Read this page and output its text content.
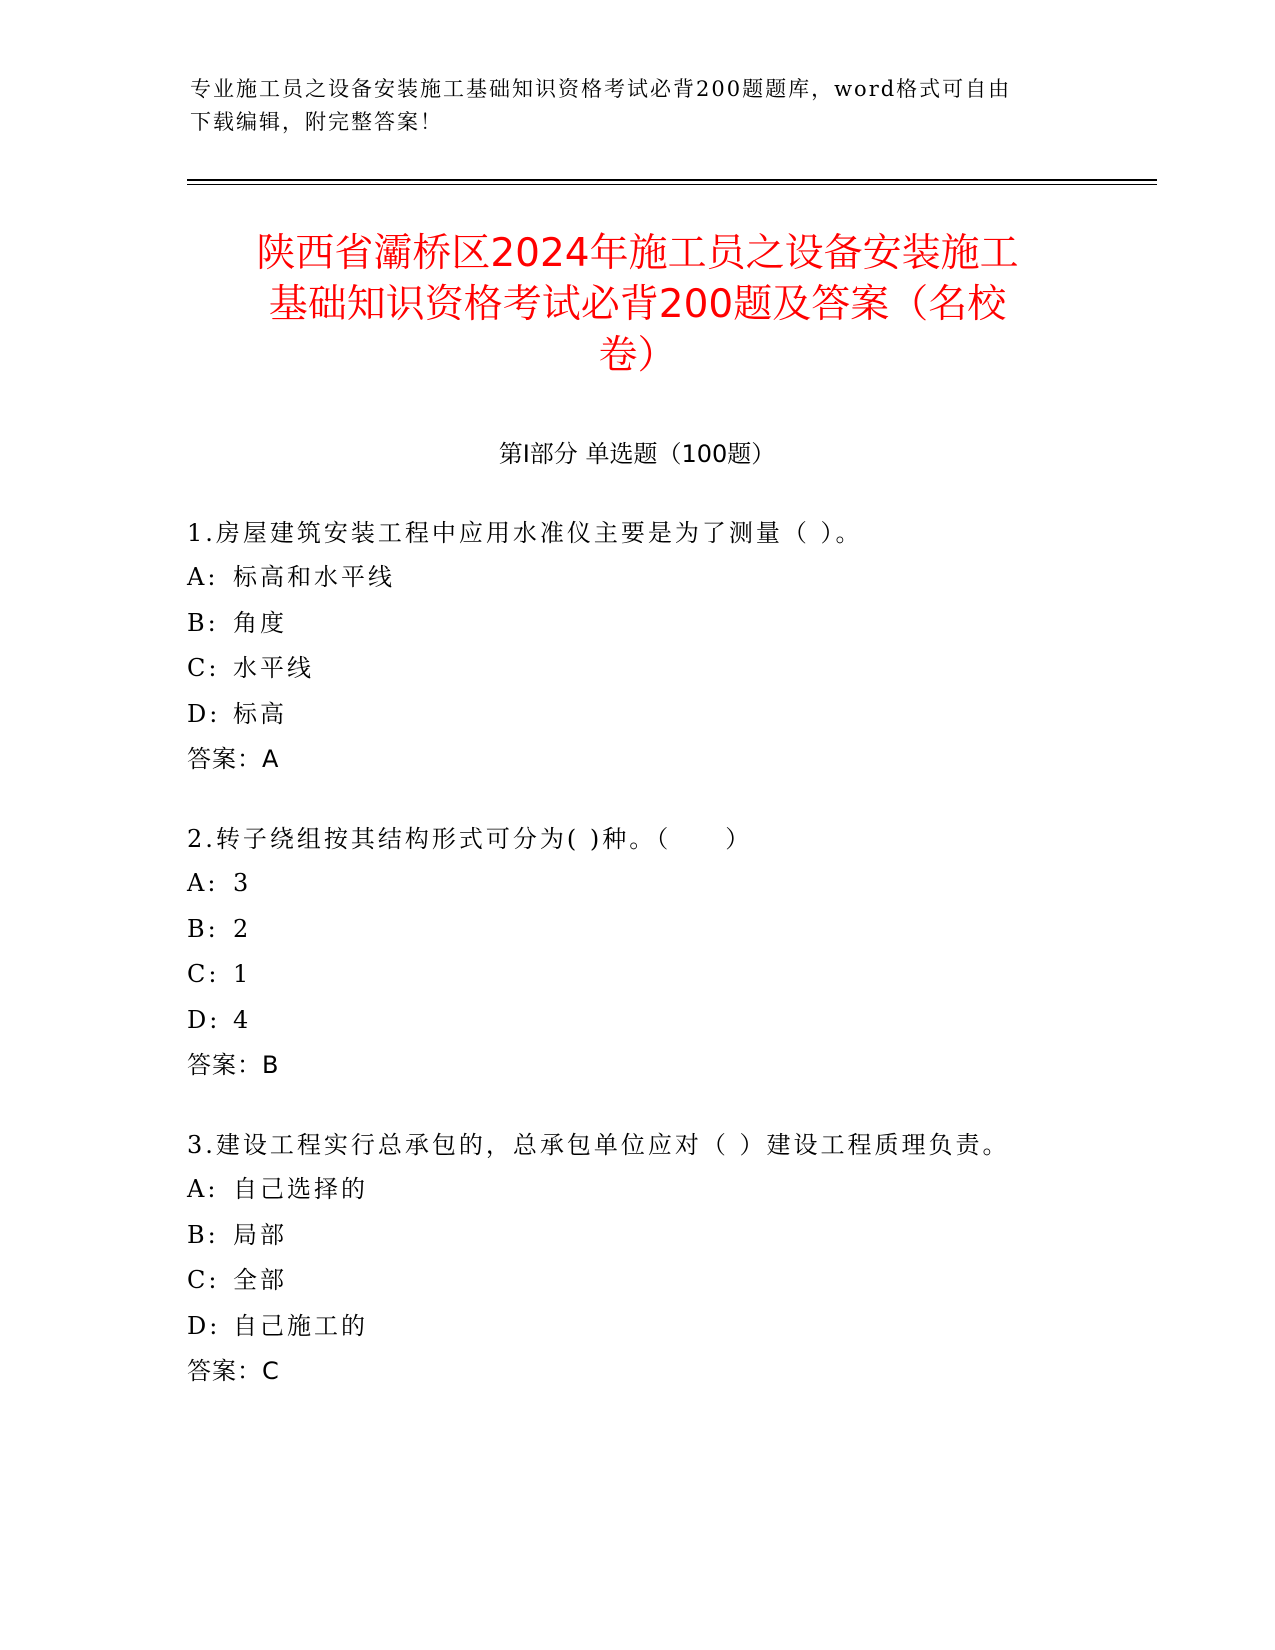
专业施工员之设备安装施工基础知识资格考试必背200题题库，word格式可自由
下载编辑，附完整答案！
陕西省灞桥区2024年施工员之设备安装施工
基础知识资格考试必背200题及答案（名校
卷）
第Ⅰ部分 单选题（100题）
1.房屋建筑安装工程中应用水准仪主要是为了测量（ ）。
A: 标高和水平线
B: 角度
C: 水平线
D: 标高
答案：A
2.转子绕组按其结构形式可分为( )种。（　　）
A: 3
B: 2
C: 1
D: 4
答案：B
3.建设工程实行总承包的，总承包单位应对（ ）建设工程质理负责。
A: 自己选择的
B: 局部
C: 全部
D: 自己施工的
答案：C
